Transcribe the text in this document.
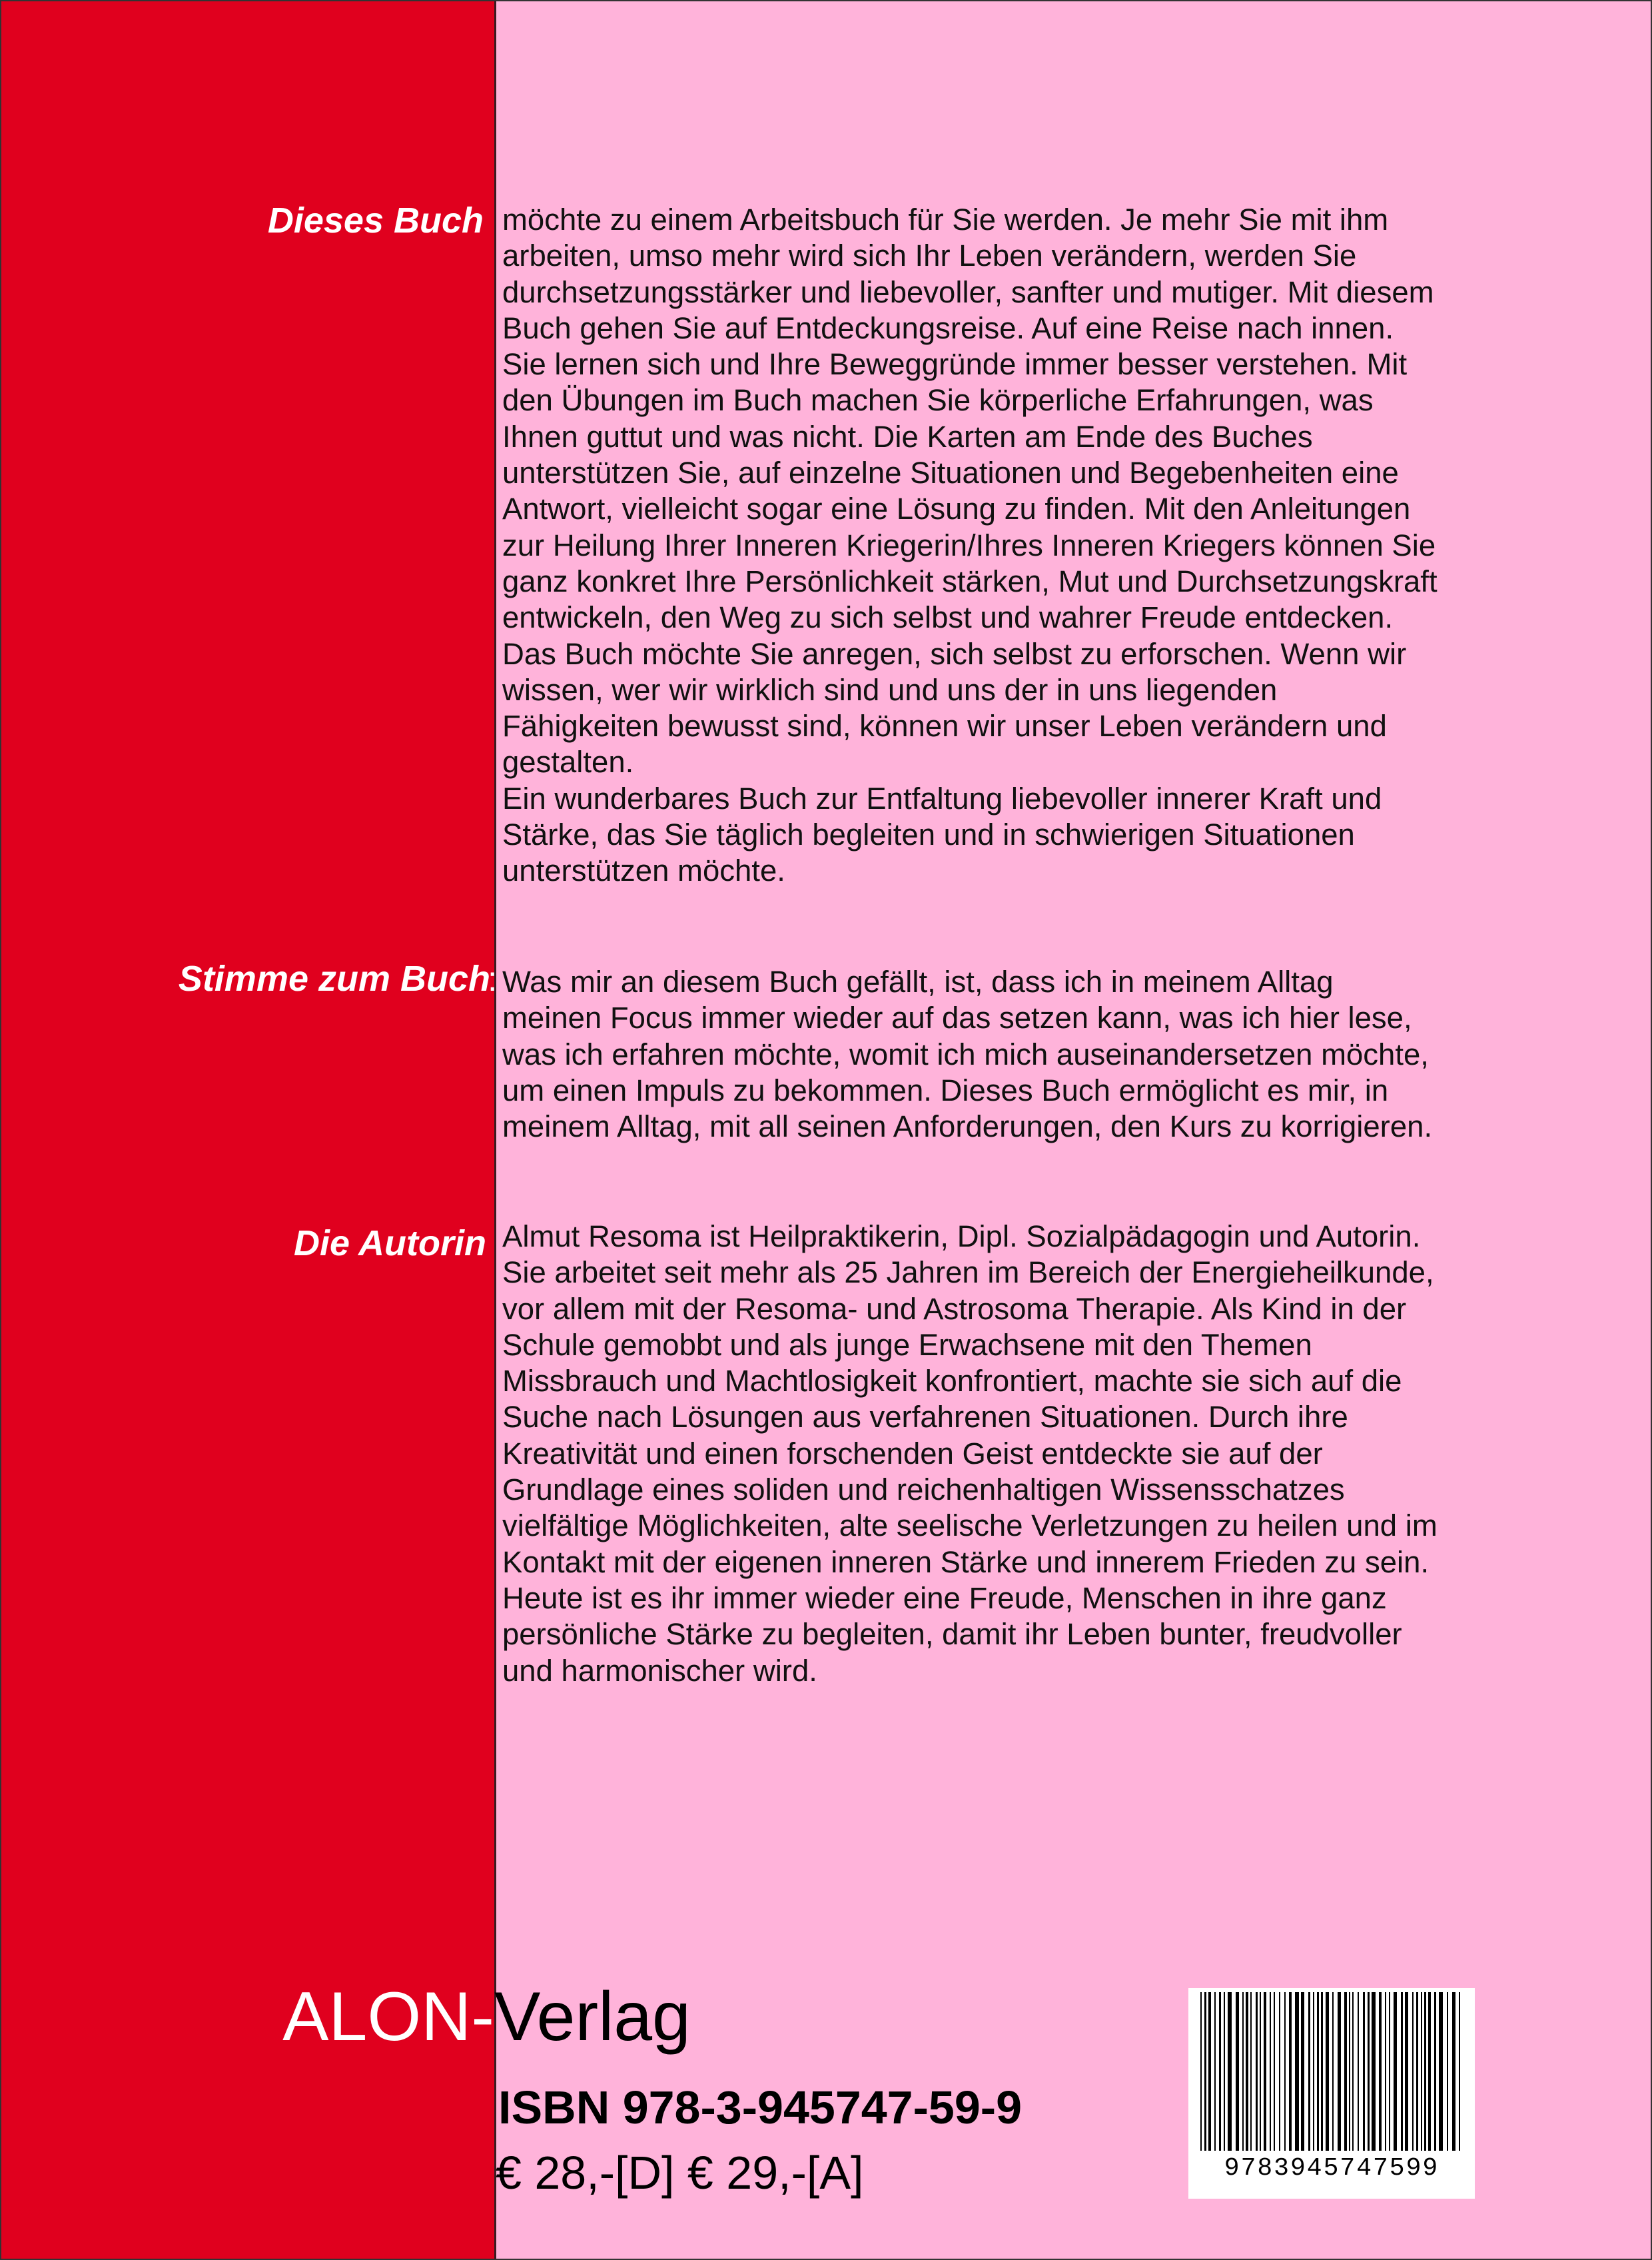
Dieses Buch möchte zu einem Arbeitsbuch für Sie werden. Je mehr Sie mit ihm
arbeiten, umso mehr wird sich Ihr Leben verändern, werden Sie
durchsetzungsstärker und liebevoller, sanfter und mutiger. Mit diesem
Buch gehen Sie auf Entdeckungsreise. Auf eine Reise nach innen.
Sie lernen sich und Ihre Beweggründe immer besser verstehen. Mit
den Übungen im Buch machen Sie körperliche Erfahrungen, was
Ihnen guttut und was nicht. Die Karten am Ende des Buches
unterstützen Sie, auf einzelne Situationen und Begebenheiten eine
Antwort, vielleicht sogar eine Lösung zu finden. Mit den Anleitungen
zur Heilung Ihrer Inneren Kriegerin/Ihres Inneren Kriegers können Sie
ganz konkret Ihre Persönlichkeit stärken, Mut und Durchsetzungskraft
entwickeln, den Weg zu sich selbst und wahrer Freude entdecken.
Das Buch möchte Sie anregen, sich selbst zu erforschen. Wenn wir
wissen, wer wir wirklich sind und uns der in uns liegenden
Fähigkeiten bewusst sind, können wir unser Leben verändern und
gestalten.
Ein wunderbares Buch zur Entfaltung liebevoller innerer Kraft und
Stärke, das Sie täglich begleiten und in schwierigen Situationen
unterstützen möchte.
Stimme zum Buch
: Was mir an diesem Buch gefällt, ist, dass ich in meinem Alltag
meinen Focus immer wieder auf das setzen kann, was ich hier lese,
was ich erfahren möchte, womit ich mich auseinandersetzen möchte,
um einen Impuls zu bekommen. Dieses Buch ermöglicht es mir, in
meinem Alltag, mit all seinen Anforderungen, den Kurs zu korrigieren.
Die Autorin Almut Resoma ist Heilpraktikerin, Dipl. Sozialpädagogin und Autorin.
Sie arbeitet seit mehr als 25 Jahren im Bereich der Energieheilkunde,
vor allem mit der Resoma- und Astrosoma Therapie. Als Kind in der
Schule gemobbt und als junge Erwachsene mit den Themen
Missbrauch und Machtlosigkeit konfrontiert, machte sie sich auf die
Suche nach Lösungen aus verfahrenen Situationen. Durch ihre
Kreativität und einen forschenden Geist entdeckte sie auf der
Grundlage eines soliden und reichenhaltigen Wissensschatzes
vielfältige Möglichkeiten, alte seelische Verletzungen zu heilen und im
Kontakt mit der eigenen inneren Stärke und innerem Frieden zu sein.
Heute ist es ihr immer wieder eine Freude, Menschen in ihre ganz
persönliche Stärke zu begleiten, damit ihr Leben bunter, freudvoller
und harmonischer wird.
ALON- Verlag
ISBN 978-3-945747-59-9
€ 28,-[D] € 29,-[A]	9783945747599
